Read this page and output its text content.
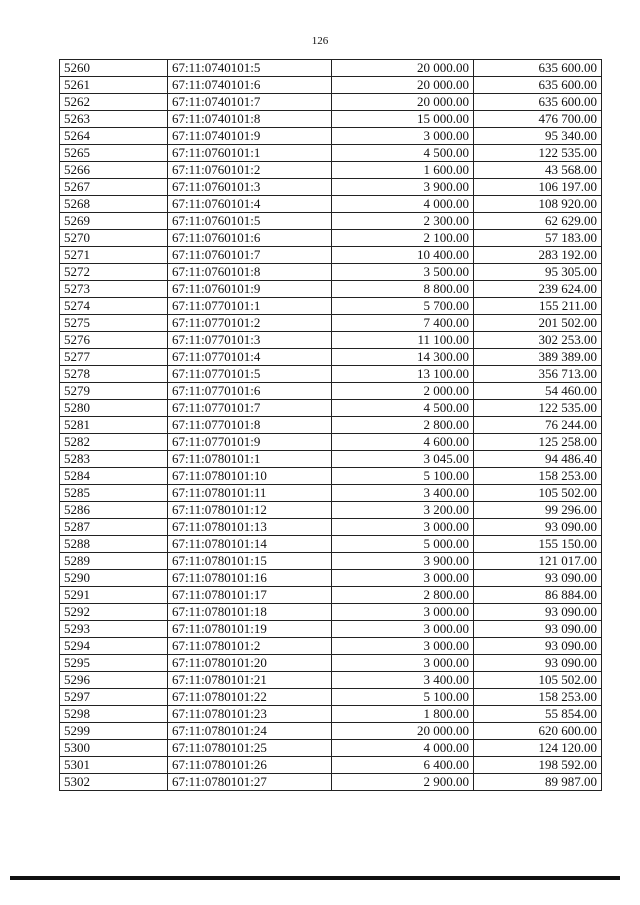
126
5260	67:11:0740101:5	20 000.00	635 600.00
5261	67:11:0740101:6	20 000.00	635 600.00
5262	67:11:0740101:7	20 000.00	635 600.00
5263	67:11:0740101:8	15 000.00	476 700.00
5264	67:11:0740101:9	3 000.00	95 340.00
5265	67:11:0760101:1	4 500.00	122 535.00
5266	67:11:0760101:2	1 600.00	43 568.00
5267	67:11:0760101:3	3 900.00	106 197.00
5268	67:11:0760101:4	4 000.00	108 920.00
5269	67:11:0760101:5	2 300.00	62 629.00
5270	67:11:0760101:6	2 100.00	57 183.00
5271	67:11:0760101:7	10 400.00	283 192.00
5272	67:11:0760101:8	3 500.00	95 305.00
5273	67:11:0760101:9	8 800.00	239 624.00
5274	67:11:0770101:1	5 700.00	155 211.00
5275	67:11:0770101:2	7 400.00	201 502.00
5276	67:11:0770101:3	11 100.00	302 253.00
5277	67:11:0770101:4	14 300.00	389 389.00
5278	67:11:0770101:5	13 100.00	356 713.00
5279	67:11:0770101:6	2 000.00	54 460.00
5280	67:11:0770101:7	4 500.00	122 535.00
5281	67:11:0770101:8	2 800.00	76 244.00
5282	67:11:0770101:9	4 600.00	125 258.00
5283	67:11:0780101:1	3 045.00	94 486.40
5284	67:11:0780101:10	5 100.00	158 253.00
5285	67:11:0780101:11	3 400.00	105 502.00
5286	67:11:0780101:12	3 200.00	99 296.00
5287	67:11:0780101:13	3 000.00	93 090.00
5288	67:11:0780101:14	5 000.00	155 150.00
5289	67:11:0780101:15	3 900.00	121 017.00
5290	67:11:0780101:16	3 000.00	93 090.00
5291	67:11:0780101:17	2 800.00	86 884.00
5292	67:11:0780101:18	3 000.00	93 090.00
5293	67:11:0780101:19	3 000.00	93 090.00
5294	67:11:0780101:2	3 000.00	93 090.00
5295	67:11:0780101:20	3 000.00	93 090.00
5296	67:11:0780101:21	3 400.00	105 502.00
5297	67:11:0780101:22	5 100.00	158 253.00
5298	67:11:0780101:23	1 800.00	55 854.00
5299	67:11:0780101:24	20 000.00	620 600.00
5300	67:11:0780101:25	4 000.00	124 120.00
5301	67:11:0780101:26	6 400.00	198 592.00
5302	67:11:0780101:27	2 900.00	89 987.00
